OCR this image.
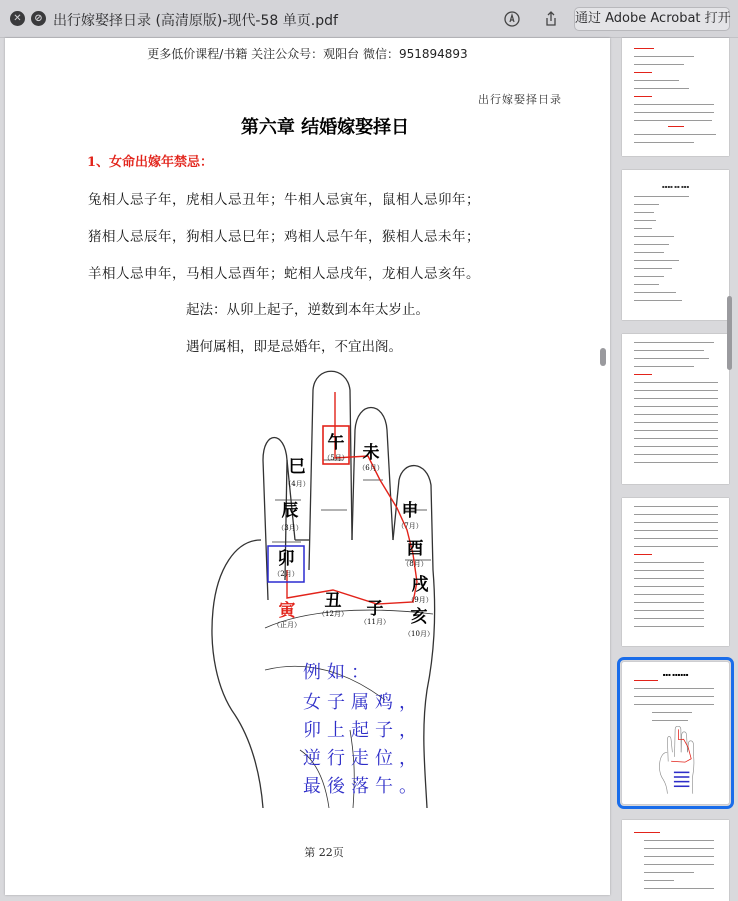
✕	⊘ 出行嫁娶择日录 (高清原版)-现代-58 单页.pdf	通过 Adobe Acrobat 打开
更多低价课程/书籍 关注公众号：观阳台 微信：951894893
出行嫁娶择日录
第六章 结婚嫁娶择日
1、女命出嫁年禁忌：
兔相人忌子年，虎相人忌丑年；牛相人忌寅年，鼠相人忌卯年；
猪相人忌辰年，狗相人忌巳年；鸡相人忌午年，猴相人忌未年；
羊相人忌申年，马相人忌酉年；蛇相人忌戌年，龙相人忌亥年。
起法：从卯上起子，逆数到本年太岁止。
遇何属相，即是忌婚年，不宜出阁。
午
（5月） 未
（6月）
巳
（4月）
辰
（3月）
卯
（2月）
寅
（正月）
丑
（12月） 子
（11月）
申
（7月）
酉
（8月）
戌
（9月）
亥
（10月）
例如：
女子属鸡，
卯上起子，
逆行走位，
最後落午。
第 22页
▪▪▪▪ ▪▪ ▪▪▪
▪▪▪ ▪▪▪▪▪▪
